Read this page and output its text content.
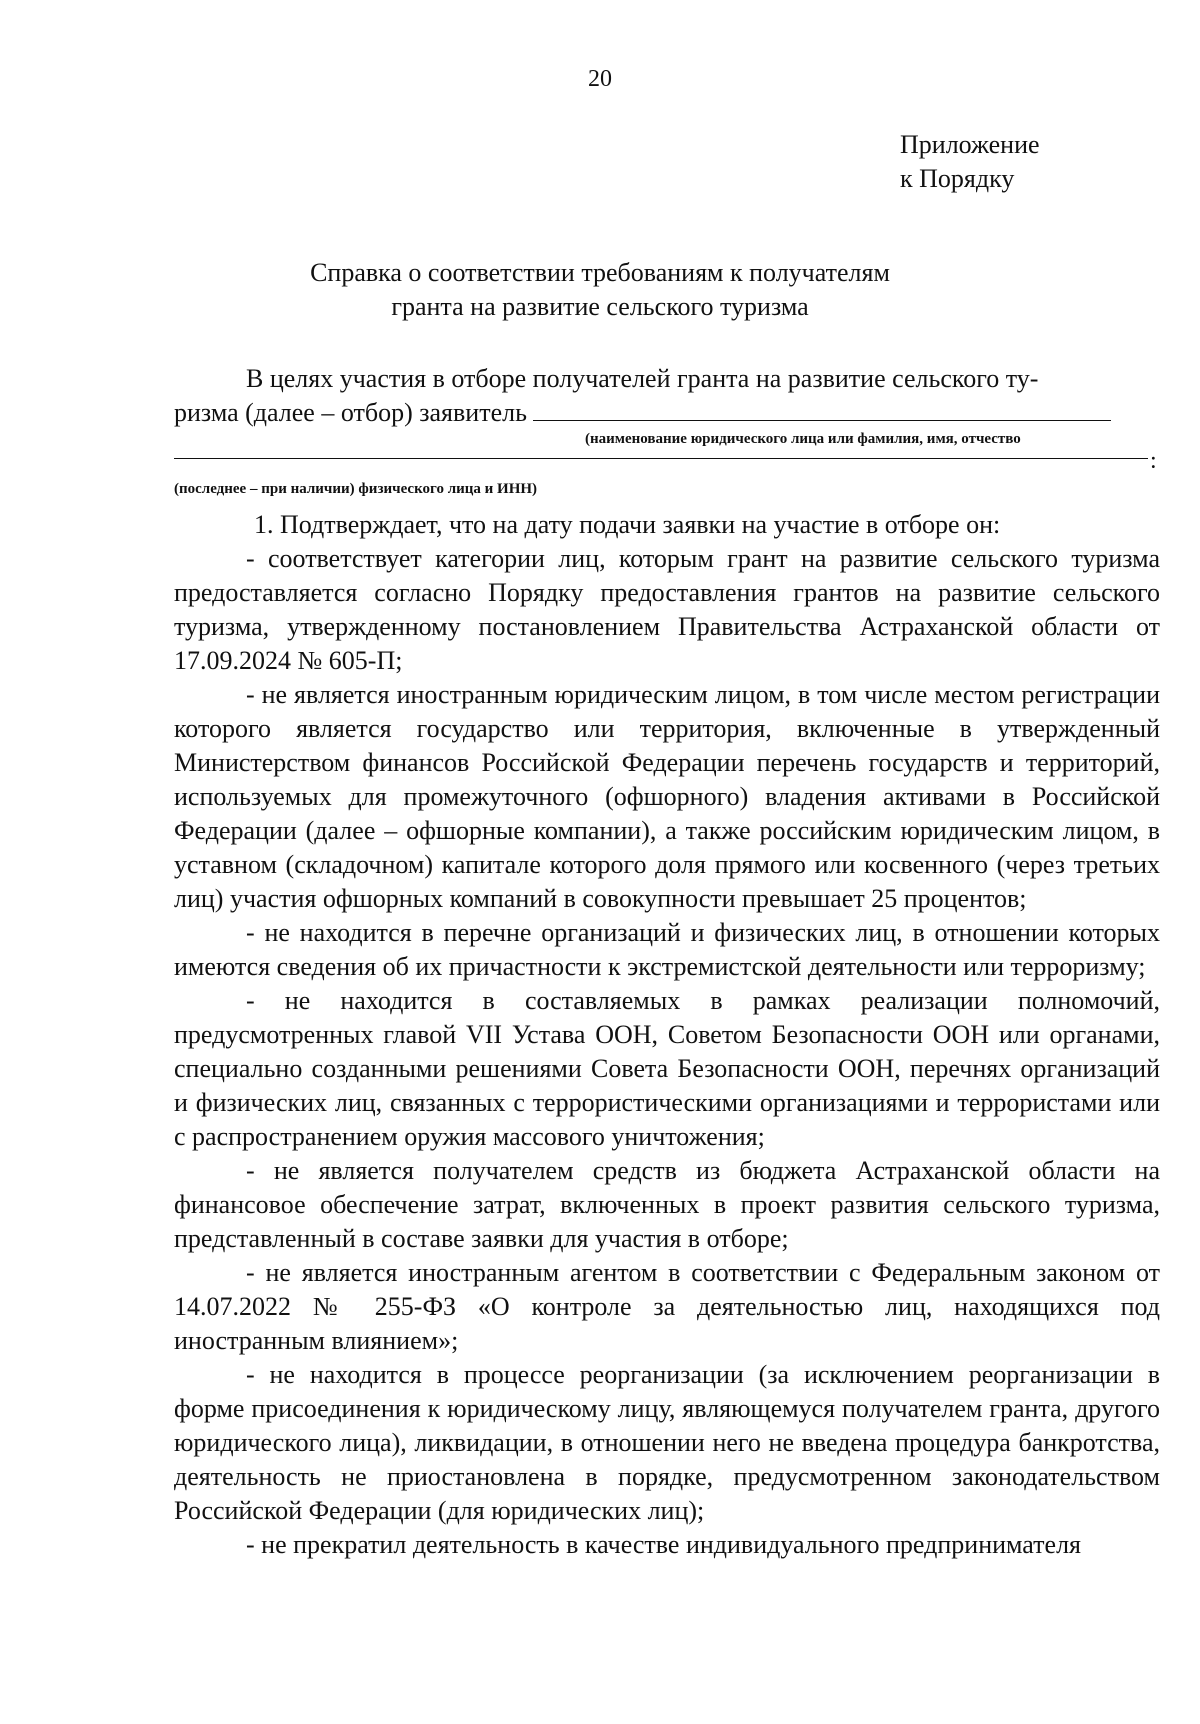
20
Приложение
к Порядку
Справка о соответствии требованиям к получателям
гранта на развитие сельского туризма
В целях участия в отборе получателей гранта на развитие сельского ту-
ризма (далее – отбор) заявитель
(наименование юридического лица или фамилия, имя, отчество
:
(последнее – при наличии) физического лица и ИНН)

1. Подтверждает, что на дату подачи заявки на участие в отборе он:

- соответствует категории лиц, которым грант на развитие сельского туризма предоставляется согласно Порядку предоставления грантов на развитие сельского туризма, утвержденному постановлением Правительства Астраханской области от 17.09.2024 № 605-П;

- не является иностранным юридическим лицом, в том числе местом регистрации которого является государство или территория, включенные в утвержденный Министерством финансов Российской Федерации перечень государств и территорий, используемых для промежуточного (офшорного) владения активами в Российской Федерации (далее – офшорные компании), а также российским юридическим лицом, в уставном (складочном) капитале которого доля прямого или косвенного (через третьих лиц) участия офшорных компаний в совокупности превышает 25 процентов;

- не находится в перечне организаций и физических лиц, в отношении которых имеются сведения об их причастности к экстремистской деятельности или терроризму;

- не находится в составляемых в рамках реализации полномочий, предусмотренных главой VII Устава ООН, Советом Безопасности ООН или органами, специально созданными решениями Совета Безопасности ООН, перечнях организаций и физических лиц, связанных с террористическими организациями и террористами или с распространением оружия массового уничтожения;

- не является получателем средств из бюджета Астраханской области на финансовое обеспечение затрат, включенных в проект развития сельского туризма, представленный в составе заявки для участия в отборе;

- не является иностранным агентом в соответствии с Федеральным законом от 14.07.2022 № 255-ФЗ «О контроле за деятельностью лиц, находящихся под иностранным влиянием»;

- не находится в процессе реорганизации (за исключением реорганизации в форме присоединения к юридическому лицу, являющемуся получателем гранта, другого юридического лица), ликвидации, в отношении него не введена процедура банкротства, деятельность не приостановлена в порядке, предусмотренном законодательством Российской Федерации (для юридических лиц);

- не прекратил деятельность в качестве индивидуального предпринимателя
